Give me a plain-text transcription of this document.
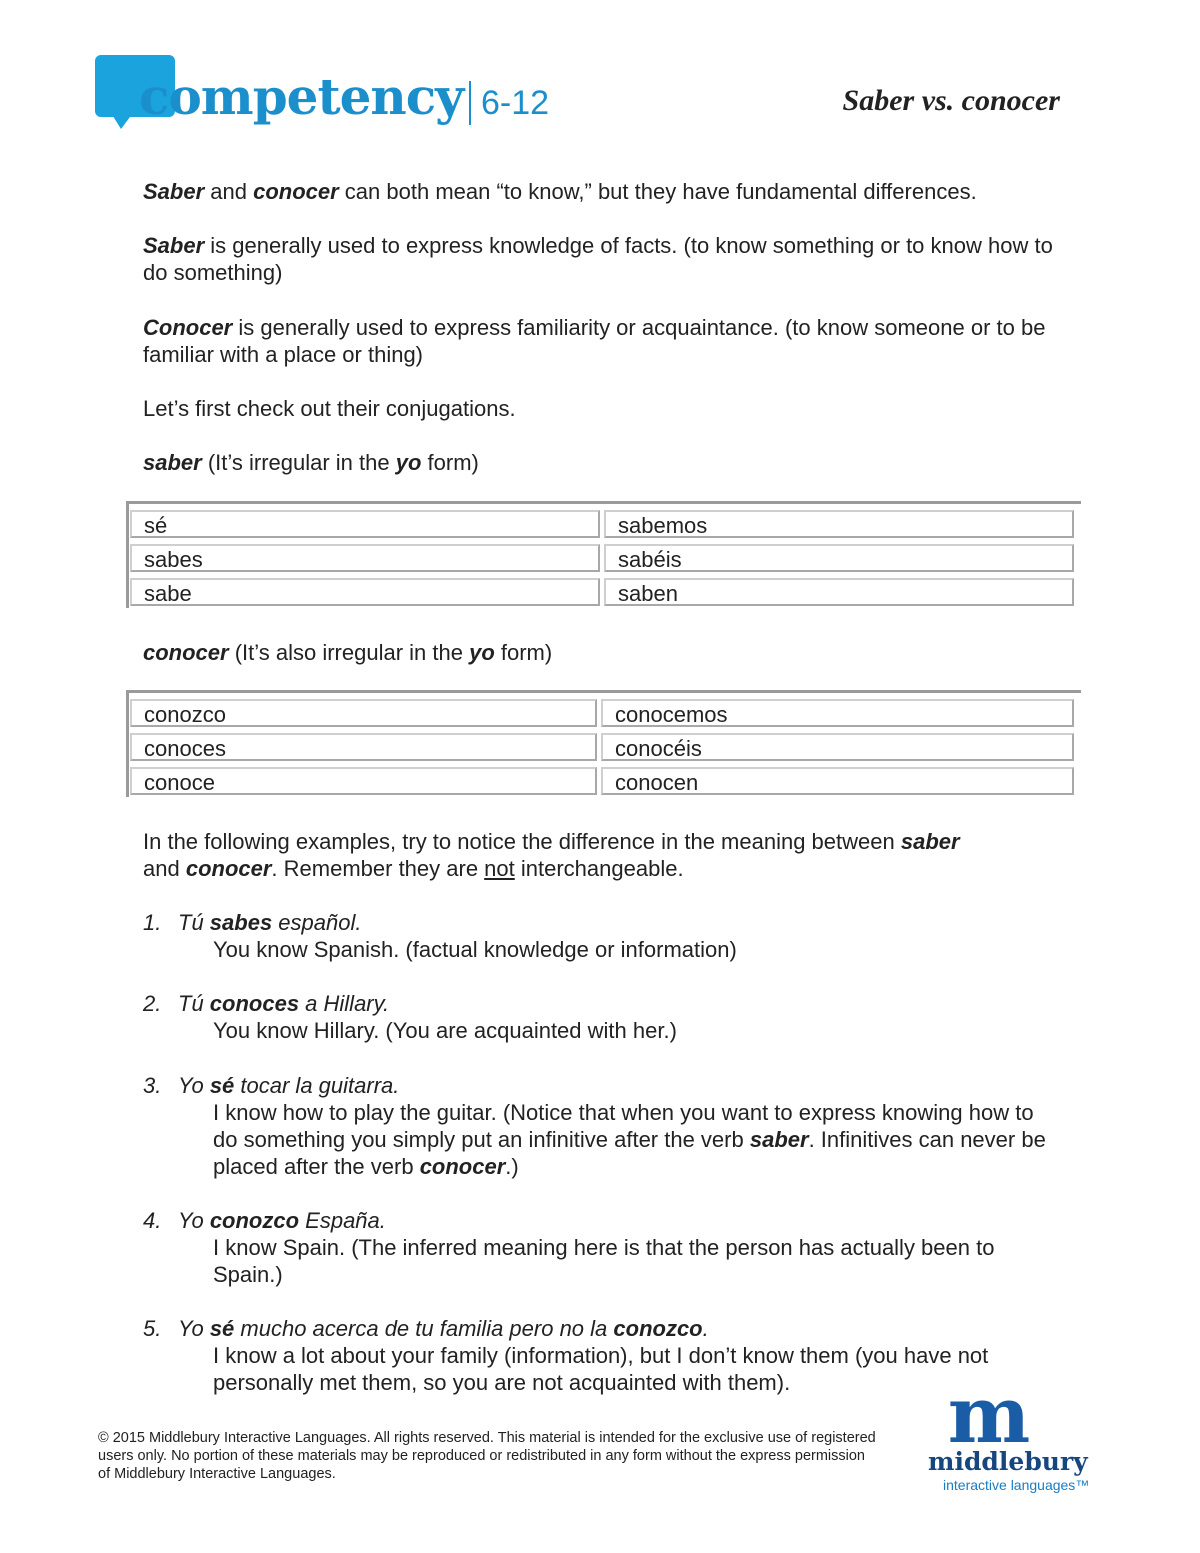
competency 6-12	Saber vs. conocer

Saber and conocer can both mean “to know,” but they have fundamental differences.

Saber is generally used to express knowledge of facts. (to know something or to know how to do something)

Conocer is generally used to express familiarity or acquaintance. (to know someone or to be familiar with a place or thing)

Let’s first check out their conjugations.

saber (It’s irregular in the yo form)

sé	sabemos
sabes	sabéis
sabe	saben

conocer (It’s also irregular in the yo form)

conozco	conocemos
conoces	conocéis
conoce	conocen

In the following examples, try to notice the difference in the meaning between saber
and conocer. Remember they are not interchangeable.

1. Tú sabes español.
You know Spanish. (factual knowledge or information)
2. Tú conoces a Hillary.
You know Hillary. (You are acquainted with her.)
3. Yo sé tocar la guitarra.
I know how to play the guitar. (Notice that when you want to express knowing how to do something you simply put an infinitive after the verb saber. Infinitives can never be placed after the verb conocer.)
4. Yo conozco España.
I know Spain. (The inferred meaning here is that the person has actually been to Spain.)
5. Yo sé mucho acerca de tu familia pero no la conozco.
I know a lot about your family (information), but I don’t know them (you have not personally met them, so you are not acquainted with them).
© 2015 Middlebury Interactive Languages. All rights reserved. This material is intended for the exclusive use of registered users only. No portion of these materials may be reproduced or redistributed in any form without the express permission of Middlebury Interactive Languages.
m
middlebury
interactive languages™
